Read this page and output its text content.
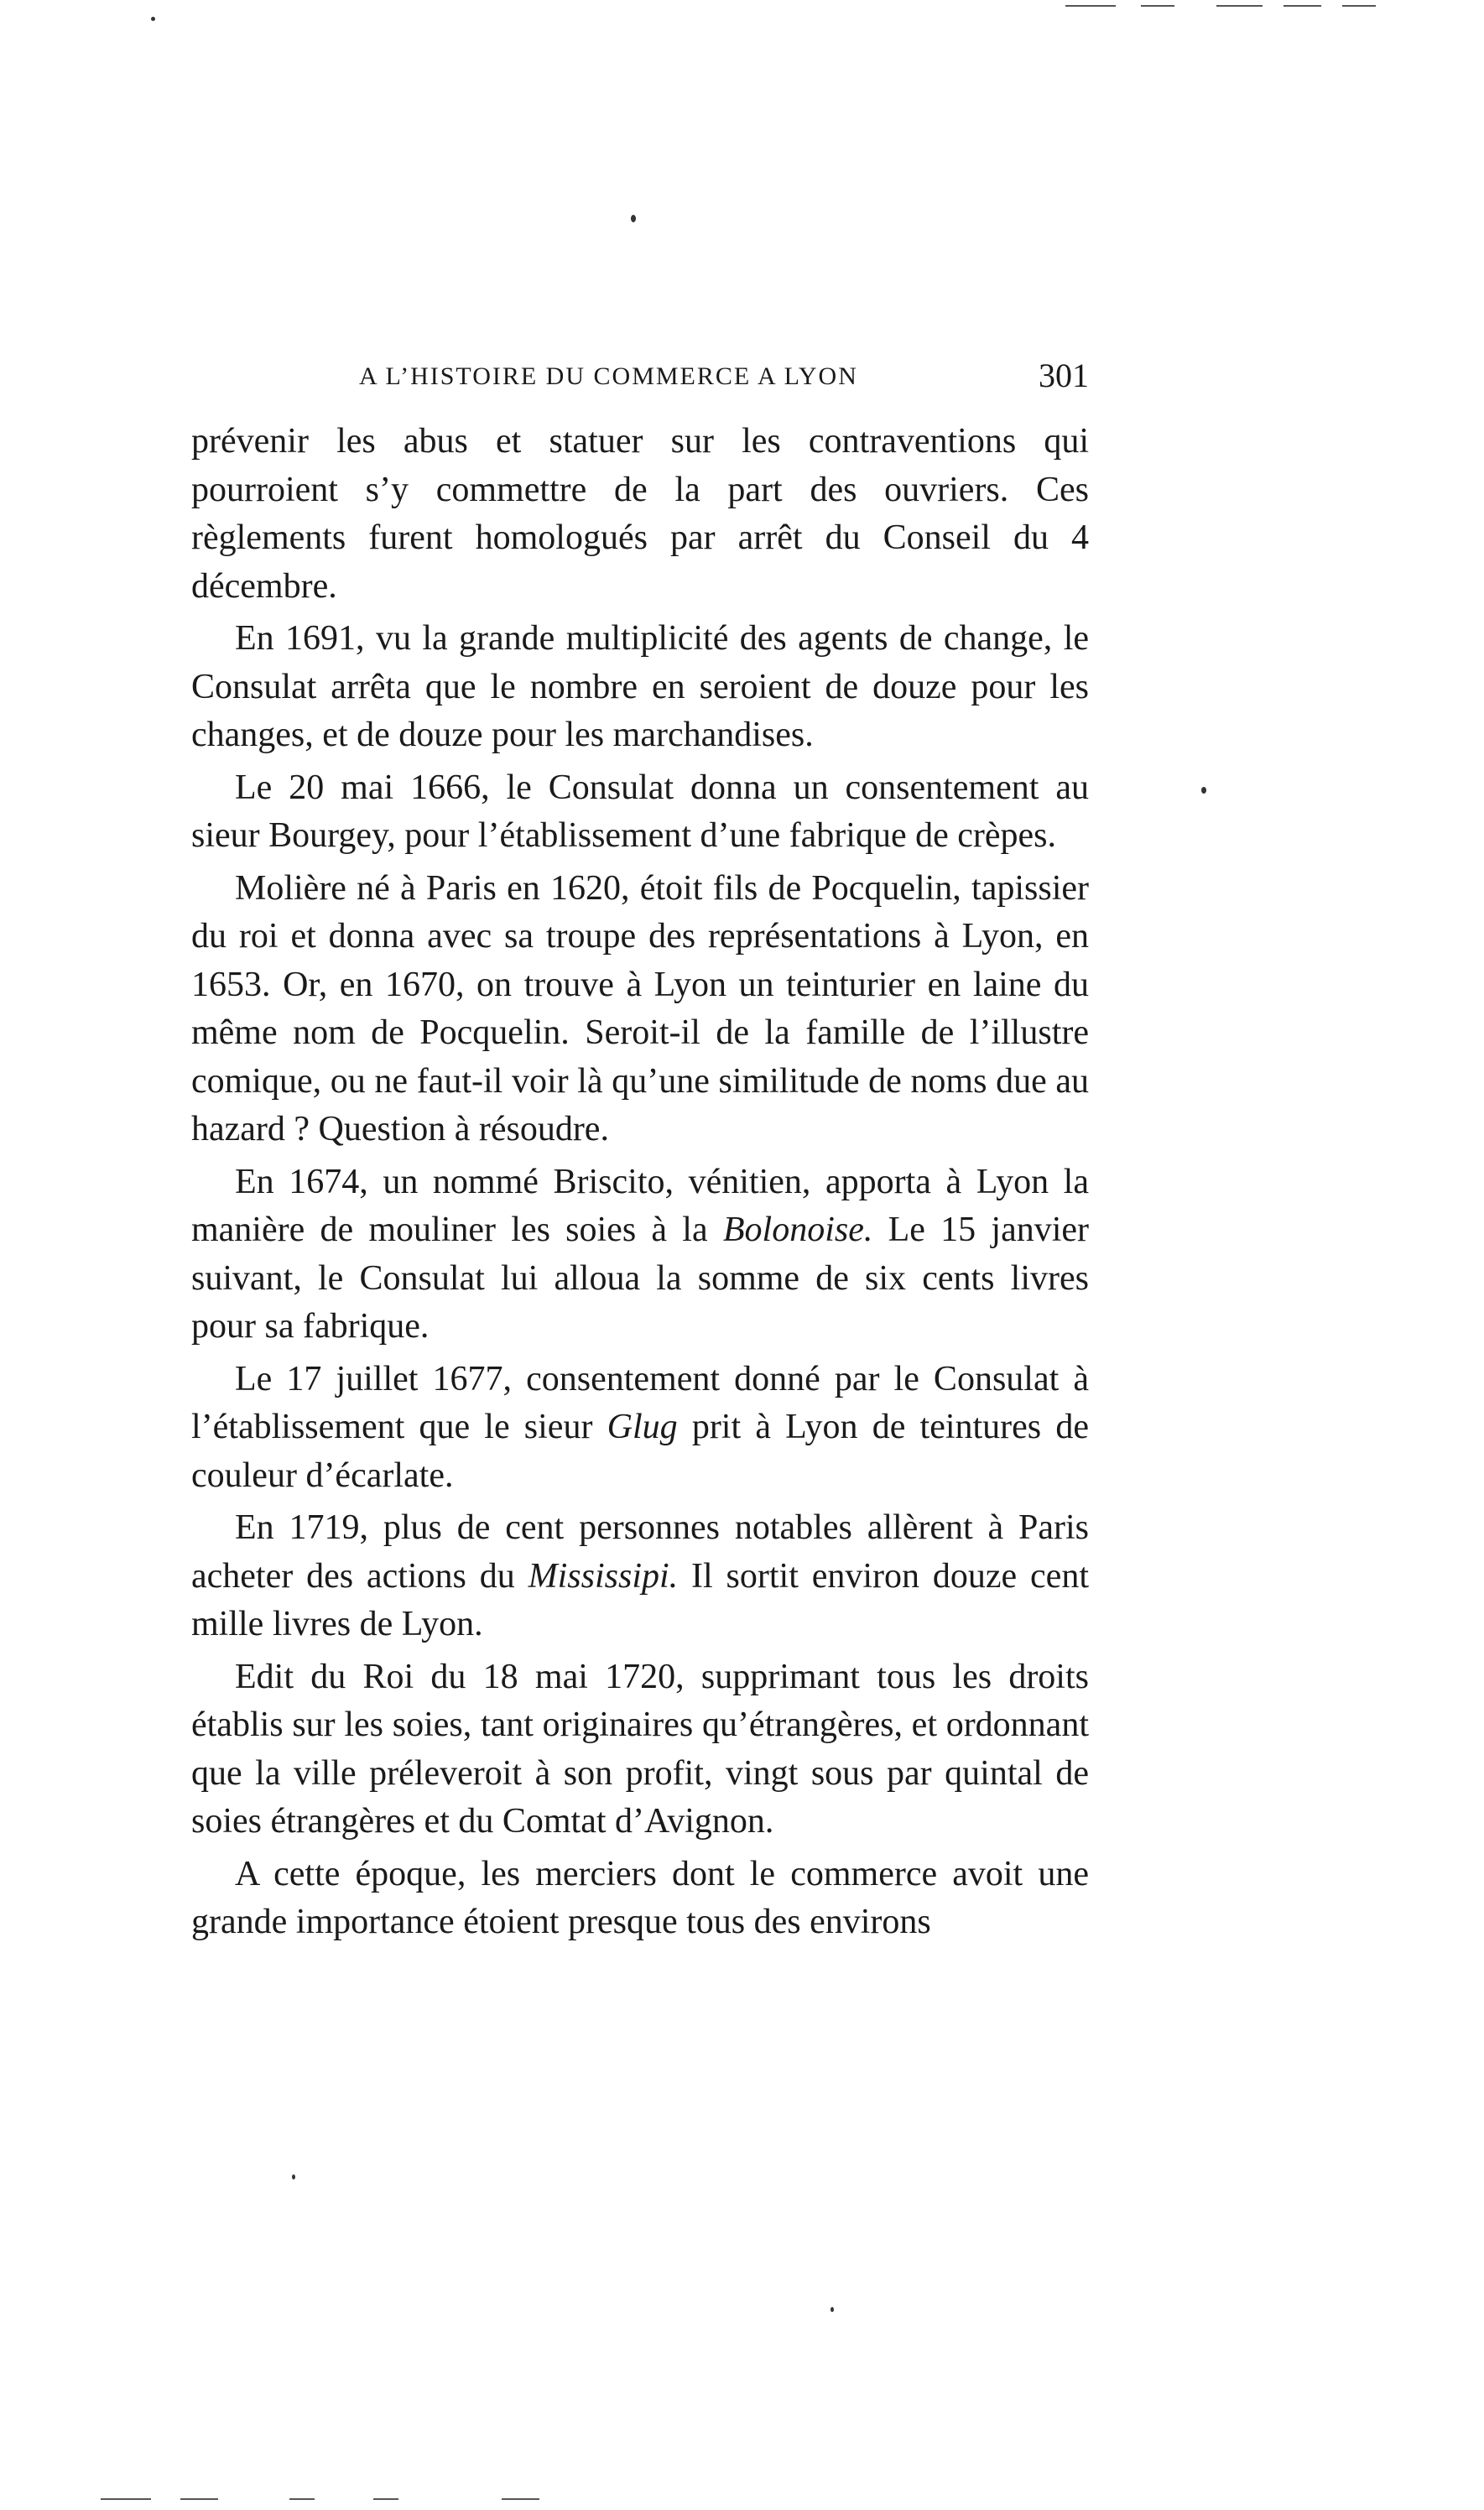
A L’HISTOIRE DU COMMERCE A LYON	301

prévenir les abus et statuer sur les contraventions qui pourroient s’y commettre de la part des ouvriers. Ces règlements furent homologués par arrêt du Conseil du 4 décembre.

En 1691, vu la grande multiplicité des agents de change, le Consulat arrêta que le nombre en seroient de douze pour les changes, et de douze pour les marchandises.

Le 20 mai 1666, le Consulat donna un consentement au sieur Bourgey, pour l’établissement d’une fabrique de crèpes.

Molière né à Paris en 1620, étoit fils de Pocquelin, tapissier du roi et donna avec sa troupe des représentations à Lyon, en 1653. Or, en 1670, on trouve à Lyon un teinturier en laine du même nom de Pocquelin. Seroit-il de la famille de l’illustre comique, ou ne faut-il voir là qu’une similitude de noms due au hazard ? Question à résoudre.

En 1674, un nommé Briscito, vénitien, apporta à Lyon la manière de mouliner les soies à la Bolonoise. Le 15 janvier suivant, le Consulat lui alloua la somme de six cents livres pour sa fabrique.

Le 17 juillet 1677, consentement donné par le Consulat à l’établissement que le sieur Glug prit à Lyon de teintures de couleur d’écarlate.

En 1719, plus de cent personnes notables allèrent à Paris acheter des actions du Mississipi. Il sortit environ douze cent mille livres de Lyon.

Edit du Roi du 18 mai 1720, supprimant tous les droits établis sur les soies, tant originaires qu’étrangères, et ordonnant que la ville préleveroit à son profit, vingt sous par quintal de soies étrangères et du Comtat d’Avignon.

A cette époque, les merciers dont le commerce avoit une grande importance étoient presque tous des environs
